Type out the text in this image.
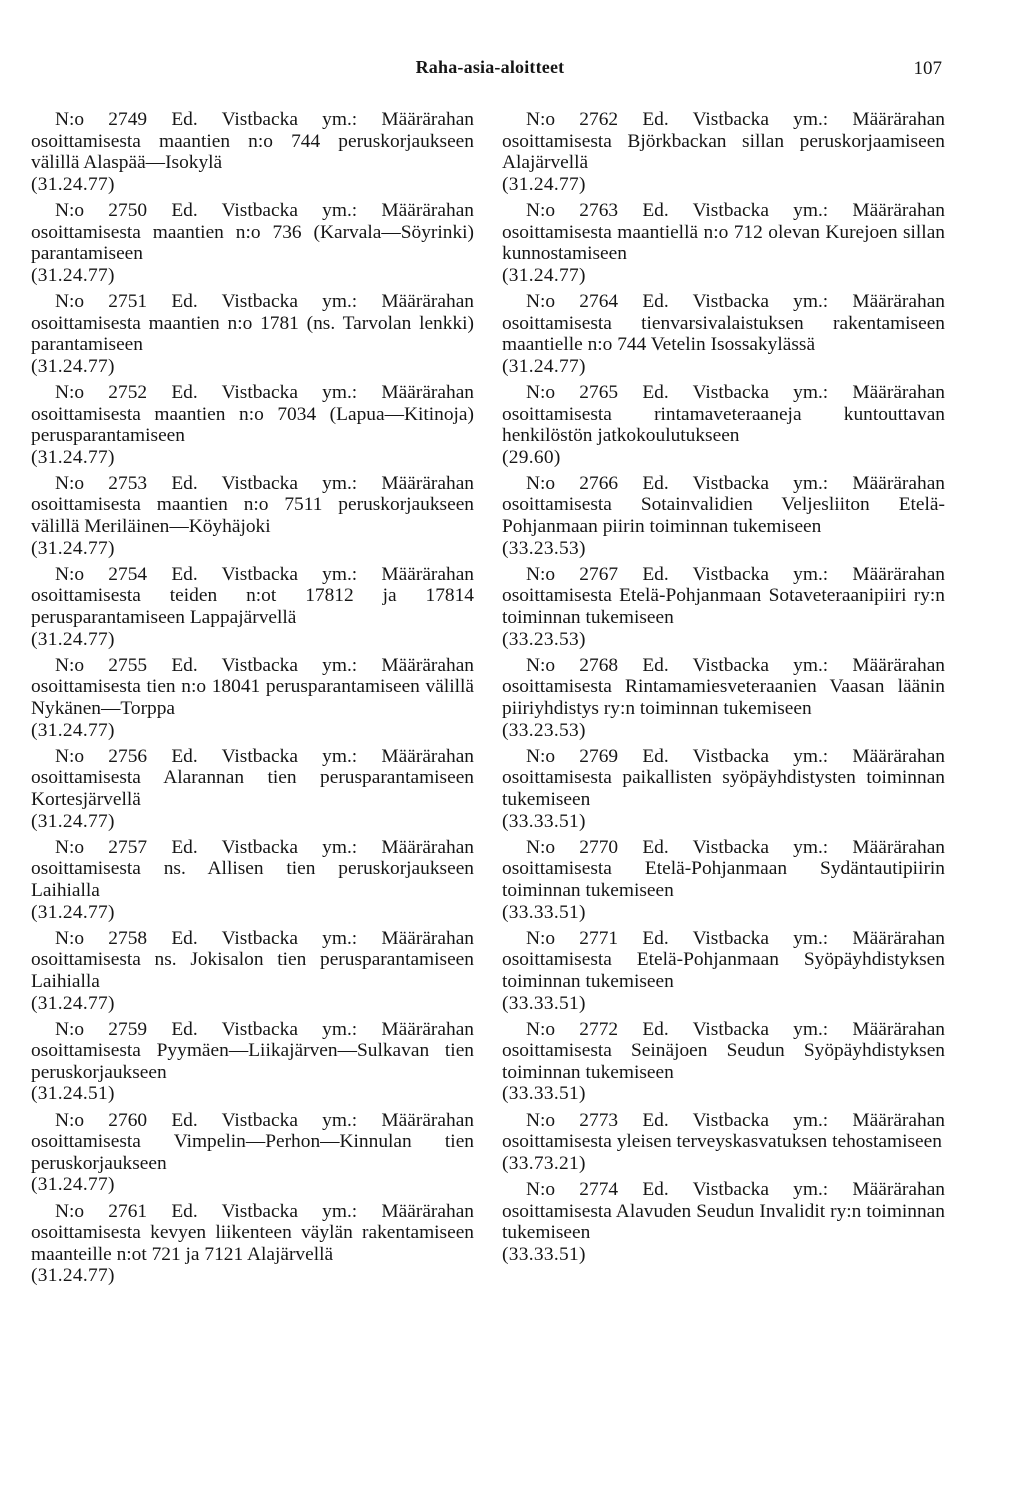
Raha-asia-aloitteet	107
N:o 2749 Ed. Vistbacka ym.: Määrärahan
osoittamisesta maantien n:o 744 peruskorjaukseen välillä Alaspää—Isokylä
(31.24.77)
N:o 2750 Ed. Vistbacka ym.: Määrärahan
osoittamisesta maantien n:o 736 (Karvala—Söyrinki) parantamiseen
(31.24.77)
N:o 2751 Ed. Vistbacka ym.: Määrärahan
osoittamisesta maantien n:o 1781 (ns. Tarvolan lenkki) parantamiseen
(31.24.77)
N:o 2752 Ed. Vistbacka ym.: Määrärahan
osoittamisesta maantien n:o 7034 (Lapua—Kitinoja) perusparantamiseen
(31.24.77)
N:o 2753 Ed. Vistbacka ym.: Määrärahan
osoittamisesta maantien n:o 7511 peruskorjaukseen välillä Meriläinen—Köyhäjoki
(31.24.77)
N:o 2754 Ed. Vistbacka ym.: Määrärahan
osoittamisesta teiden n:ot 17812 ja 17814 perusparantamiseen Lappajärvellä
(31.24.77)
N:o 2755 Ed. Vistbacka ym.: Määrärahan
osoittamisesta tien n:o 18041 perusparantamiseen välillä Nykänen—Torppa
(31.24.77)
N:o 2756 Ed. Vistbacka ym.: Määrärahan
osoittamisesta Alarannan tien perusparantamiseen Kortesjärvellä
(31.24.77)
N:o 2757 Ed. Vistbacka ym.: Määrärahan
osoittamisesta ns. Allisen tien peruskorjaukseen Laihialla
(31.24.77)
N:o 2758 Ed. Vistbacka ym.: Määrärahan
osoittamisesta ns. Jokisalon tien perusparantamiseen Laihialla
(31.24.77)
N:o 2759 Ed. Vistbacka ym.: Määrärahan
osoittamisesta Pyymäen—Liikajärven—Sulkavan tien peruskorjaukseen
(31.24.51)
N:o 2760 Ed. Vistbacka ym.: Määrärahan
osoittamisesta Vimpelin—Perhon—Kinnulan tien peruskorjaukseen
(31.24.77)
N:o 2761 Ed. Vistbacka ym.: Määrärahan
osoittamisesta kevyen liikenteen väylän rakentamiseen maanteille n:ot 721 ja 7121 Alajärvellä
(31.24.77)
N:o 2762 Ed. Vistbacka ym.: Määrärahan
osoittamisesta Björkbackan sillan peruskorjaamiseen Alajärvellä
(31.24.77)
N:o 2763 Ed. Vistbacka ym.: Määrärahan
osoittamisesta maantiellä n:o 712 olevan Kurejoen sillan kunnostamiseen
(31.24.77)
N:o 2764 Ed. Vistbacka ym.: Määrärahan
osoittamisesta tienvarsivalaistuksen rakentamiseen maantielle n:o 744 Vetelin Isossakylässä
(31.24.77)
N:o 2765 Ed. Vistbacka ym.: Määrärahan
osoittamisesta rintamaveteraaneja kuntouttavan henkilöstön jatkokoulutukseen
(29.60)
N:o 2766 Ed. Vistbacka ym.: Määrärahan
osoittamisesta Sotainvalidien Veljesliiton Etelä-Pohjanmaan piirin toiminnan tukemiseen
(33.23.53)
N:o 2767 Ed. Vistbacka ym.: Määrärahan
osoittamisesta Etelä-Pohjanmaan Sotaveteraanipiiri ry:n toiminnan tukemiseen
(33.23.53)
N:o 2768 Ed. Vistbacka ym.: Määrärahan
osoittamisesta Rintamamiesveteraanien Vaasan läänin piiriyhdistys ry:n toiminnan tukemiseen
(33.23.53)
N:o 2769 Ed. Vistbacka ym.: Määrärahan
osoittamisesta paikallisten syöpäyhdistysten toiminnan tukemiseen
(33.33.51)
N:o 2770 Ed. Vistbacka ym.: Määrärahan
osoittamisesta Etelä-Pohjanmaan Sydäntautipiirin toiminnan tukemiseen
(33.33.51)
N:o 2771 Ed. Vistbacka ym.: Määrärahan
osoittamisesta Etelä-Pohjanmaan Syöpäyhdistyksen toiminnan tukemiseen
(33.33.51)
N:o 2772 Ed. Vistbacka ym.: Määrärahan
osoittamisesta Seinäjoen Seudun Syöpäyhdistyksen toiminnan tukemiseen
(33.33.51)
N:o 2773 Ed. Vistbacka ym.: Määrärahan
osoittamisesta yleisen terveyskasvatuksen tehostamiseen
(33.73.21)
N:o 2774 Ed. Vistbacka ym.: Määrärahan
osoittamisesta Alavuden Seudun Invalidit ry:n toiminnan tukemiseen
(33.33.51)
